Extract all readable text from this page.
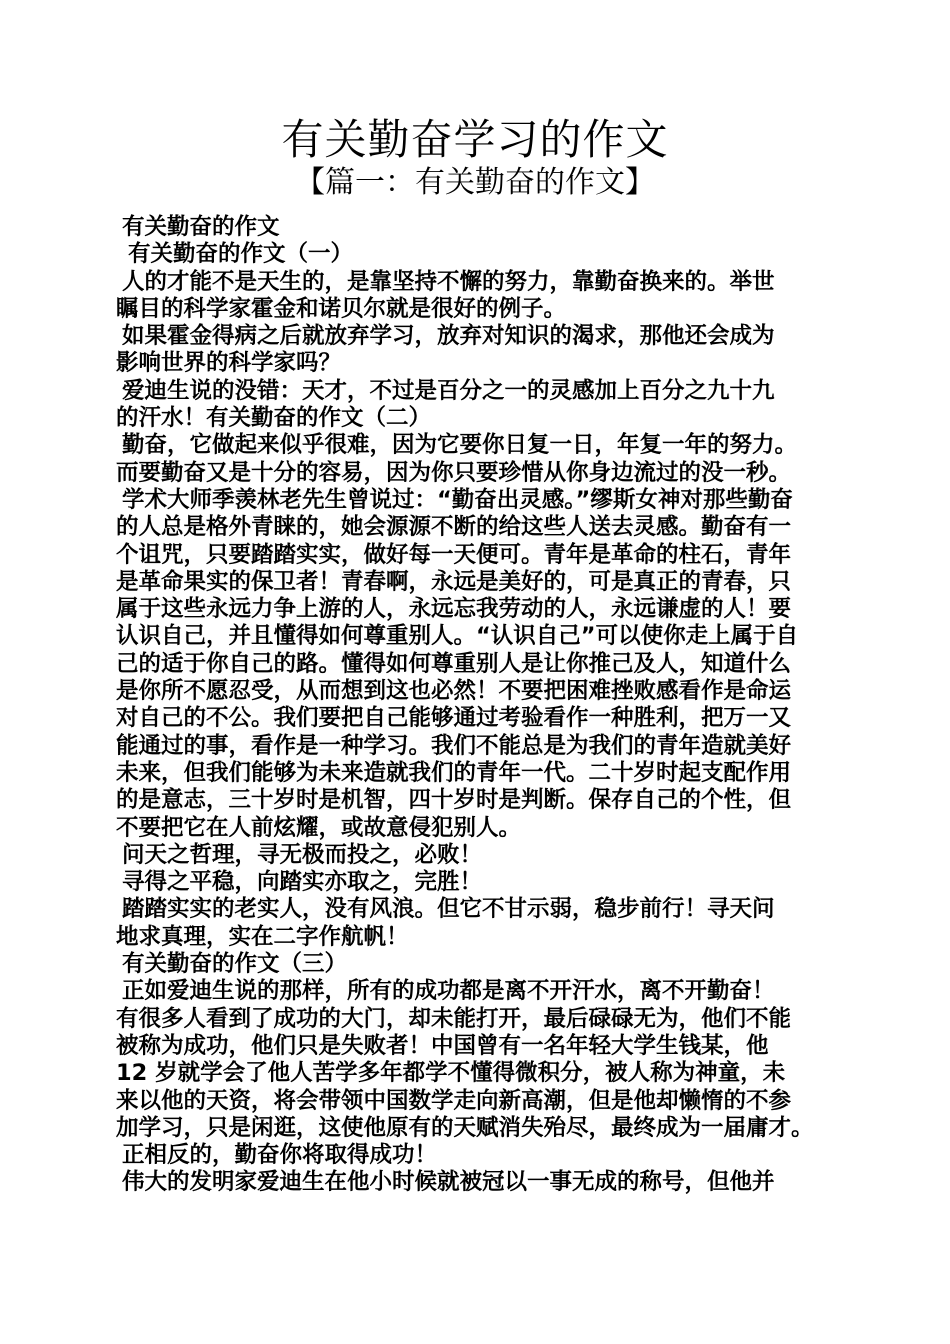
有关勤奋学习的作文
【篇一：有关勤奋的作文】
有关勤奋的作文
有关勤奋的作文（一）
人的才能不是天生的，是靠坚持不懈的努力，靠勤奋换来的。举世
瞩目的科学家霍金和诺贝尔就是很好的例子。
如果霍金得病之后就放弃学习，放弃对知识的渴求，那他还会成为
影响世界的科学家吗？
爱迪生说的没错：天才，不过是百分之一的灵感加上百分之九十九
的汗水！有关勤奋的作文（二）
勤奋，它做起来似乎很难，因为它要你日复一日，年复一年的努力。
而要勤奋又是十分的容易，因为你只要珍惜从你身边流过的没一秒。
学术大师季羡林老先生曾说过：“勤奋出灵感。”缪斯女神对那些勤奋
的人总是格外青睐的，她会源源不断的给这些人送去灵感。勤奋有一
个诅咒，只要踏踏实实，做好每一天便可。青年是革命的柱石，青年
是革命果实的保卫者！青春啊，永远是美好的，可是真正的青春，只
属于这些永远力争上游的人，永远忘我劳动的人，永远谦虚的人！要
认识自己，并且懂得如何尊重别人。“认识自己”可以使你走上属于自
己的适于你自己的路。懂得如何尊重别人是让你推己及人，知道什么
是你所不愿忍受，从而想到这也必然！不要把困难挫败感看作是命运
对自己的不公。我们要把自己能够通过考验看作一种胜利，把万一又
能通过的事，看作是一种学习。我们不能总是为我们的青年造就美好
未来，但我们能够为未来造就我们的青年一代。二十岁时起支配作用
的是意志，三十岁时是机智，四十岁时是判断。保存自己的个性，但
不要把它在人前炫耀，或故意侵犯别人。
问天之哲理，寻无极而投之，必败！
寻得之平稳，向踏实亦取之，完胜！
踏踏实实的老实人，没有风浪。但它不甘示弱，稳步前行！寻天问
地求真理，实在二字作航帆！
有关勤奋的作文（三）
正如爱迪生说的那样，所有的成功都是离不开汗水，离不开勤奋！
有很多人看到了成功的大门，却未能打开，最后碌碌无为，他们不能
被称为成功，他们只是失败者！中国曾有一名年轻大学生钱某，他
12 岁就学会了他人苦学多年都学不懂得微积分，被人称为神童，未
来以他的天资，将会带领中国数学走向新高潮，但是他却懒惰的不参
加学习，只是闲逛，这使他原有的天赋消失殆尽，最终成为一届庸才。
正相反的，勤奋你将取得成功！
伟大的发明家爱迪生在他小时候就被冠以一事无成的称号，但他并
